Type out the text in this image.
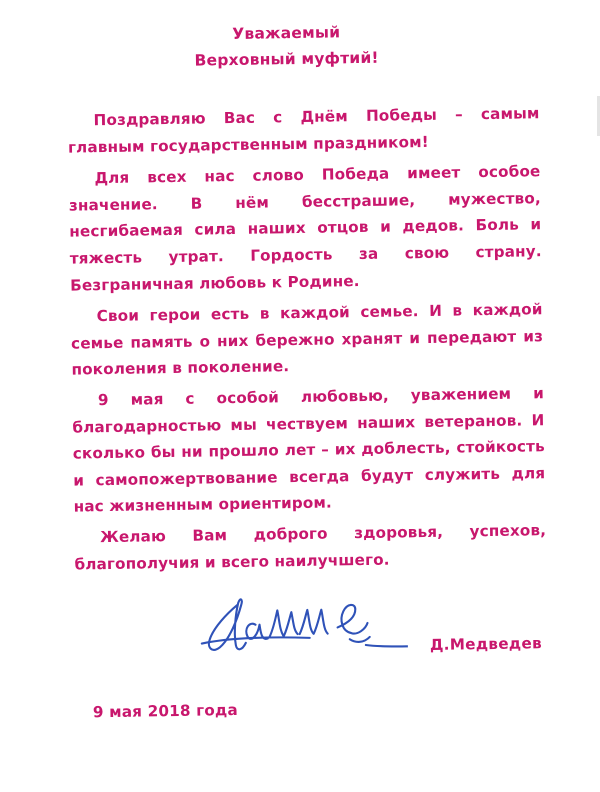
Уважаемый
Верховный муфтий!

Поздравляю Вас с Днём Победы – самым главным государственным праздником!

Для всех нас слово Победа имеет особое значение. В нём бесстрашие, мужество, несгибаемая сила наших отцов и дедов. Боль и тяжесть утрат. Гордость за свою страну. Безграничная любовь к Родине.

Свои герои есть в каждой семье. И в каждой семье память о них бережно хранят и передают из поколения в поколение.

9 мая с особой любовью, уважением и благодарностью мы чествуем наших ветеранов. И сколько бы ни прошло лет – их доблесть, стойкость и самопожертвование всегда будут служить для нас жизненным ориентиром.

Желаю Вам доброго здоровья, успехов, благополучия и всего наилучшего.

Д.Медведев
9 мая 2018 года
